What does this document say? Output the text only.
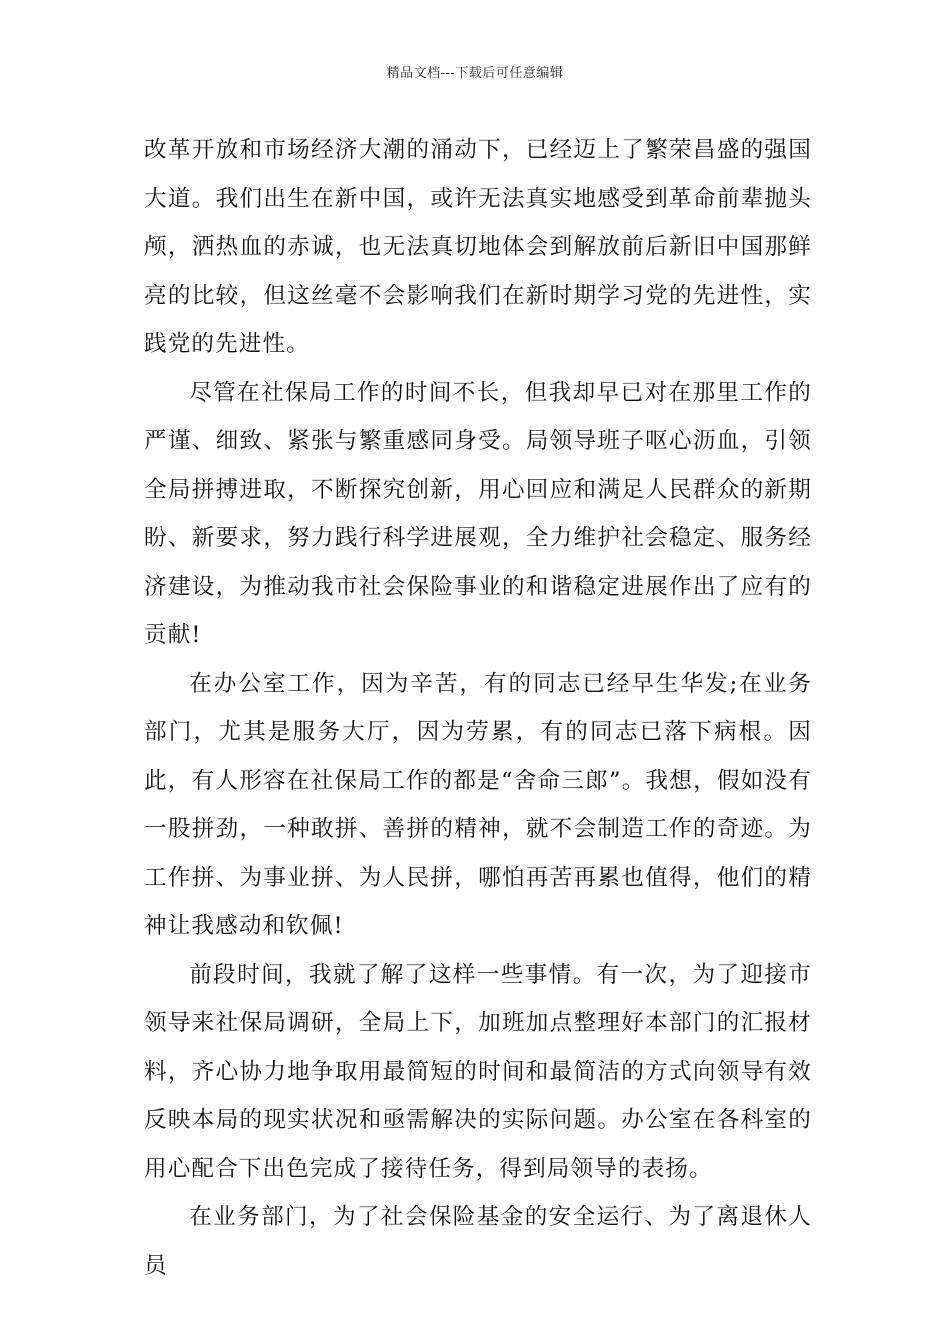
精品文档---下载后可任意编辑

改革开放和市场经济大潮的涌动下，已经迈上了繁荣昌盛的强国大道。我们出生在新中国，或许无法真实地感受到革命前辈抛头颅，洒热血的赤诚，也无法真切地体会到解放前后新旧中国那鲜亮的比较，但这丝毫不会影响我们在新时期学习党的先进性，实践党的先进性。

尽管在社保局工作的时间不长，但我却早已对在那里工作的严谨、细致、紧张与繁重感同身受。局领导班子呕心沥血，引领全局拼搏进取，不断探究创新，用心回应和满足人民群众的新期盼、新要求，努力践行科学进展观，全力维护社会稳定、服务经济建设，为推动我市社会保险事业的和谐稳定进展作出了应有的贡献!

在办公室工作，因为辛苦，有的同志已经早生华发;在业务部门，尤其是服务大厅，因为劳累，有的同志已落下病根。因此，有人形容在社保局工作的都是“舍命三郎”。我想，假如没有一股拼劲，一种敢拼、善拼的精神，就不会制造工作的奇迹。为工作拼、为事业拼、为人民拼，哪怕再苦再累也值得，他们的精神让我感动和钦佩!

前段时间，我就了解了这样一些事情。有一次，为了迎接市领导来社保局调研，全局上下，加班加点整理好本部门的汇报材料，齐心协力地争取用最简短的时间和最简洁的方式向领导有效反映本局的现实状况和亟需解决的实际问题。办公室在各科室的用心配合下出色完成了接待任务，得到局领导的表扬。

在业务部门，为了社会保险基金的安全运行、为了离退休人员
